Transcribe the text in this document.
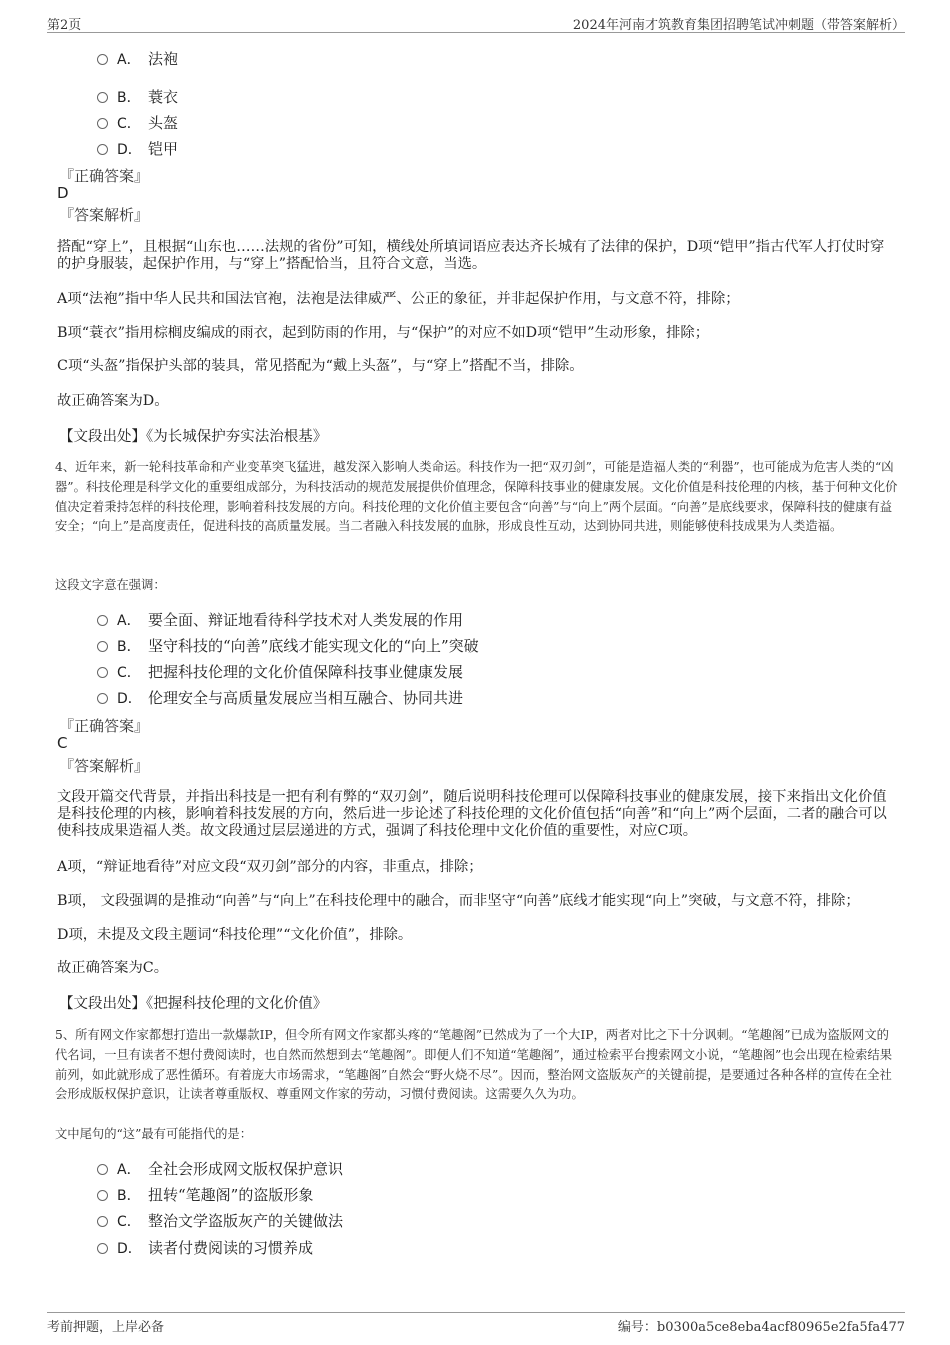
第2页	2024年河南才筑教育集团招聘笔试冲刺题（带答案解析）
A． 法袍
B． 蓑衣
C． 头盔
D． 铠甲
『正确答案』
D
『答案解析』
搭配“穿上”，且根据“山东也……法规的省份”可知，横线处所填词语应表达齐长城有了法律的保护，D项“铠甲”指古代军人打仗时穿的护身服装，起保护作用，与“穿上”搭配恰当，且符合文意，当选。
A项“法袍”指中华人民共和国法官袍，法袍是法律威严、公正的象征，并非起保护作用，与文意不符，排除；
B项“蓑衣”指用棕榈皮编成的雨衣，起到防雨的作用，与“保护”的对应不如D项“铠甲”生动形象，排除；
C项“头盔”指保护头部的装具，常见搭配为“戴上头盔”，与“穿上”搭配不当，排除。
故正确答案为D。
【文段出处】《为长城保护夯实法治根基》
4、近年来，新一轮科技革命和产业变革突飞猛进，越发深入影响人类命运。科技作为一把“双刃剑”，可能是造福人类的“利器”，也可能成为危害人类的“凶器”。科技伦理是科学文化的重要组成部分，为科技活动的规范发展提供价值理念，保障科技事业的健康发展。文化价值是科技伦理的内核，基于何种文化价值决定着秉持怎样的科技伦理，影响着科技发展的方向。科技伦理的文化价值主要包含“向善”与“向上”两个层面。“向善”是底线要求，保障科技的健康有益安全；“向上”是高度责任，促进科技的高质量发展。当二者融入科技发展的血脉，形成良性互动，达到协同共进，则能够使科技成果为人类造福。
这段文字意在强调：
A． 要全面、辩证地看待科学技术对人类发展的作用
B． 坚守科技的“向善”底线才能实现文化的“向上”突破
C． 把握科技伦理的文化价值保障科技事业健康发展
D． 伦理安全与高质量发展应当相互融合、协同共进
『正确答案』
C
『答案解析』
文段开篇交代背景，并指出科技是一把有利有弊的“双刃剑”，随后说明科技伦理可以保障科技事业的健康发展，接下来指出文化价值是科技伦理的内核，影响着科技发展的方向，然后进一步论述了科技伦理的文化价值包括“向善”和“向上”两个层面，二者的融合可以使科技成果造福人类。故文段通过层层递进的方式，强调了科技伦理中文化价值的重要性，对应C项。
A项，“辩证地看待”对应文段“双刃剑”部分的内容，非重点，排除；
B项， 文段强调的是推动“向善”与“向上”在科技伦理中的融合，而非坚守“向善”底线才能实现“向上”突破，与文意不符，排除；
D项，未提及文段主题词“科技伦理”“文化价值”，排除。
故正确答案为C。
【文段出处】《把握科技伦理的文化价值》
5、所有网文作家都想打造出一款爆款IP，但令所有网文作家都头疼的“笔趣阁”已然成为了一个大IP，两者对比之下十分讽刺。“笔趣阁”已成为盗版网文的代名词，一旦有读者不想付费阅读时，也自然而然想到去“笔趣阁”。即便人们不知道“笔趣阁”，通过检索平台搜索网文小说，“笔趣阁”也会出现在检索结果前列，如此就形成了恶性循环。有着庞大市场需求，“笔趣阁”自然会“野火烧不尽”。因而，整治网文盗版灰产的关键前提，是要通过各种各样的宣传在全社会形成版权保护意识，让读者尊重版权、尊重网文作家的劳动，习惯付费阅读。这需要久久为功。
文中尾句的“这”最有可能指代的是：
A． 全社会形成网文版权保护意识
B． 扭转“笔趣阁”的盗版形象
C． 整治文学盗版灰产的关键做法
D． 读者付费阅读的习惯养成
考前押题，上岸必备	编号：b0300a5ce8eba4acf80965e2fa5fa477
